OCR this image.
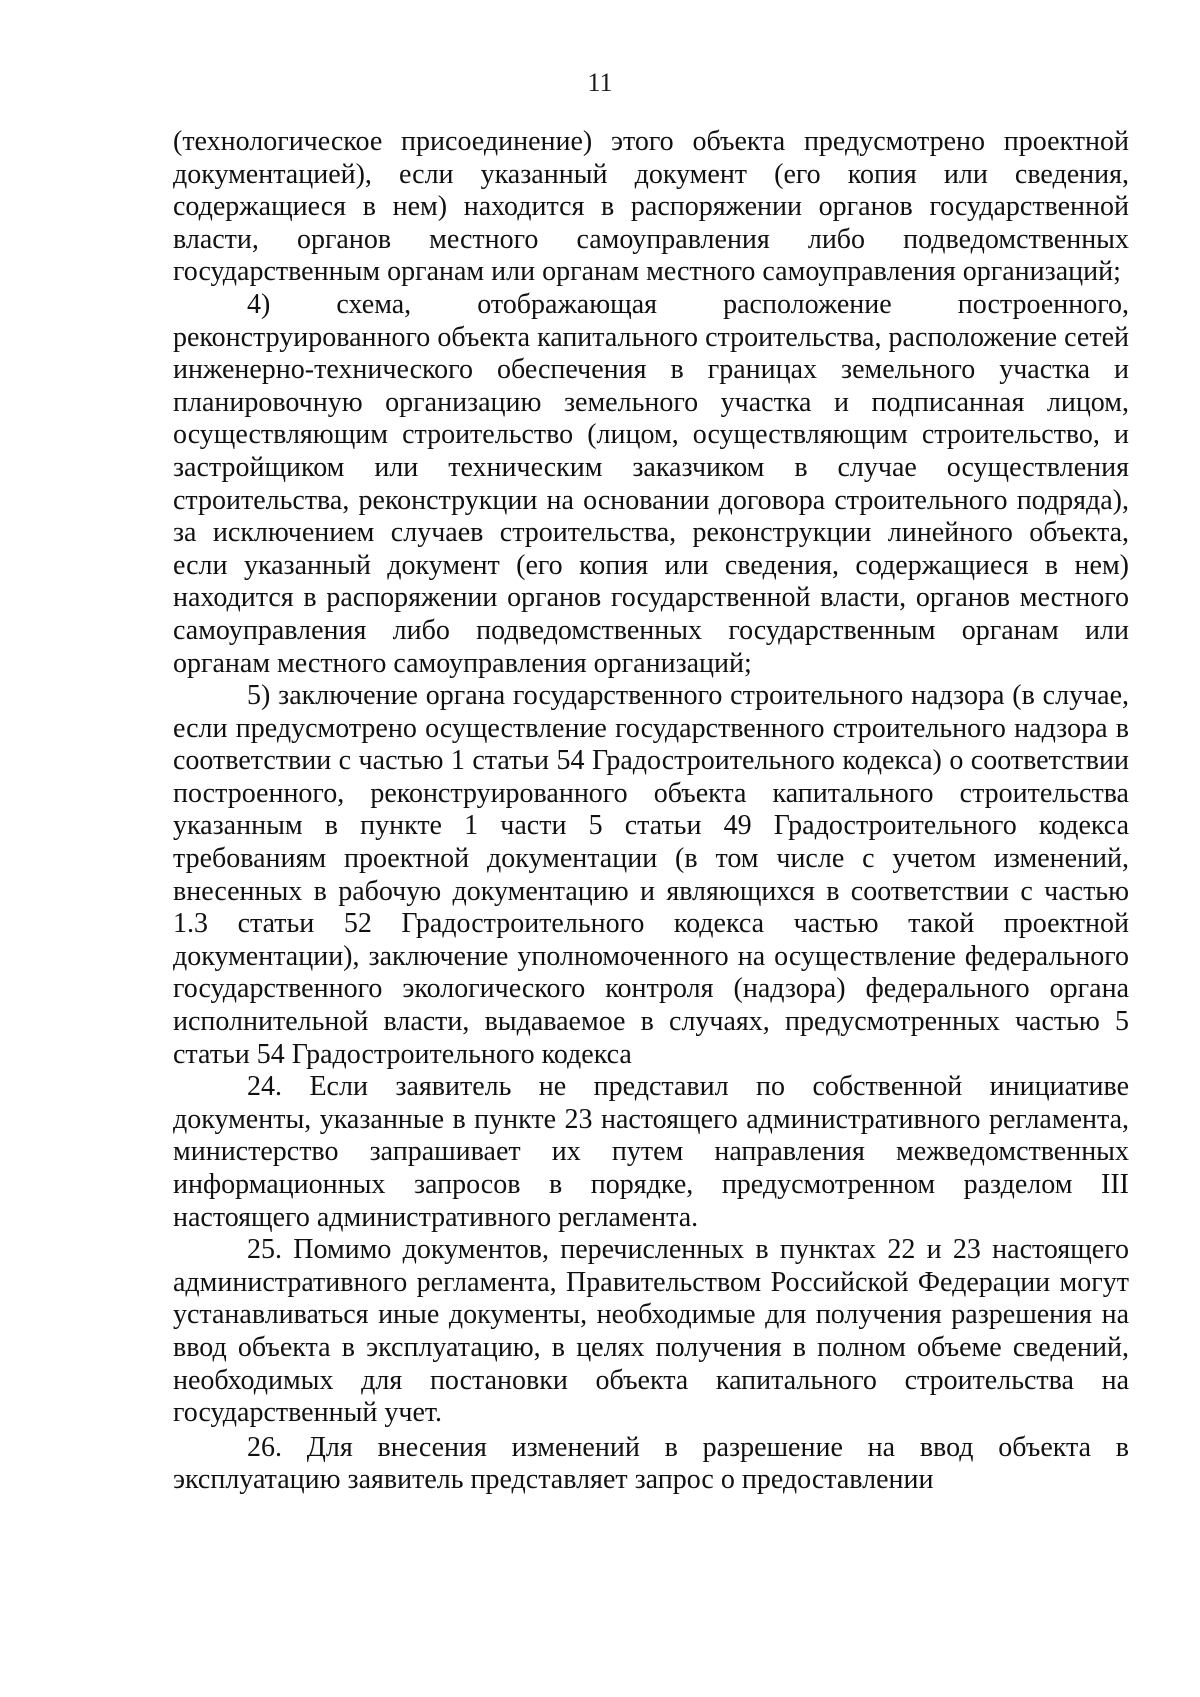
11

(технологическое присоединение) этого объекта предусмотрено проектной документацией), если указанный документ (его копия или сведения, содержащиеся в нем) находится в распоряжении органов государственной власти, органов местного самоуправления либо подведомственных государственным органам или органам местного самоуправления организаций;

4) схема, отображающая расположение построенного, реконструированного объекта капитального строительства, расположение сетей инженерно-технического обеспечения в границах земельного участка и планировочную организацию земельного участка и подписанная лицом, осуществляющим строительство (лицом, осуществляющим строительство, и застройщиком или техническим заказчиком в случае осуществления строительства, реконструкции на основании договора строительного подряда), за исключением случаев строительства, реконструкции линейного объекта, если указанный документ (его копия или сведения, содержащиеся в нем) находится в распоряжении органов государственной власти, органов местного самоуправления либо подведомственных государственным органам или органам местного самоуправления организаций;

5) заключение органа государственного строительного надзора (в случае, если предусмотрено осуществление государственного строительного надзора в соответствии с частью 1 статьи 54 Градостроительного кодекса) о соответствии построенного, реконструированного объекта капитального строительства указанным в пункте 1 части 5 статьи 49 Градостроительного кодекса требованиям проектной документации (в том числе с учетом изменений, внесенных в рабочую документацию и являющихся в соответствии с частью 1.3 статьи 52 Градостроительного кодекса частью такой проектной документации), заключение уполномоченного на осуществление федерального государственного экологического контроля (надзора) федерального органа исполнительной власти, выдаваемое в случаях, предусмотренных частью 5 статьи 54 Градостроительного кодекса

24. Если заявитель не представил по собственной инициативе документы, указанные в пункте 23 настоящего административного регламента, министерство запрашивает их путем направления межведомственных информационных запросов в порядке, предусмотренном разделом III настоящего административного регламента.

25. Помимо документов, перечисленных в пунктах 22 и 23 настоящего административного регламента, Правительством Российской Федерации могут устанавливаться иные документы, необходимые для получения разрешения на ввод объекта в эксплуатацию, в целях получения в полном объеме сведений, необходимых для постановки объекта капитального строительства на государственный учет.

26. Для внесения изменений в разрешение на ввод объекта в эксплуатацию заявитель представляет запрос о предоставлении
